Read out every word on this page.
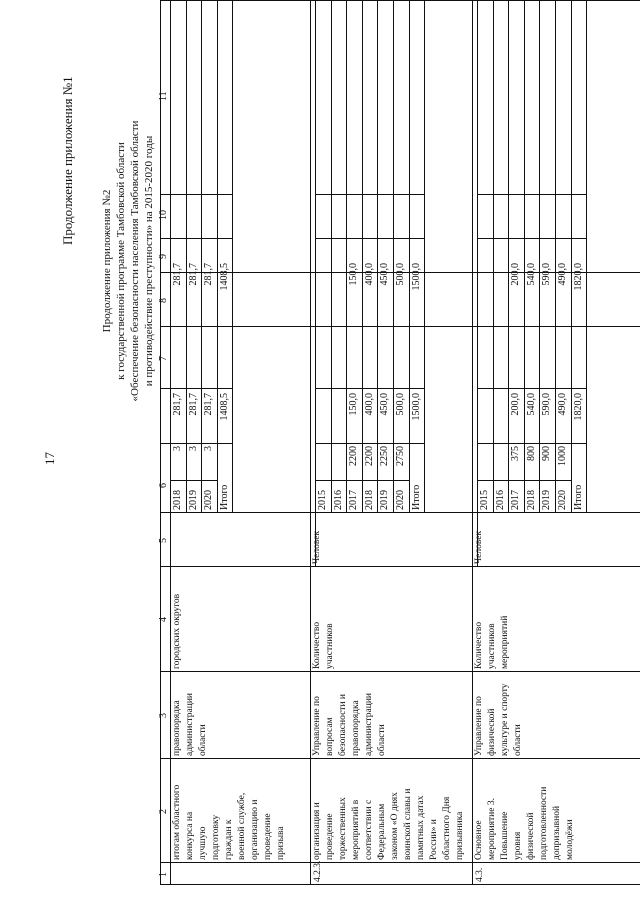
17
Продолжение приложения №1
Продолжение приложения №2 к государственной программе Тамбовской области «Обеспечение безопасности населения Тамбовской области и противодействие преступности» на 2015-2020 годы
1
2
3
4
5
6
7
8
9
10
11
итогам областного конкурса на лучшую подготовку граждан к военной службе, организацию и проведение призыва
правопорядка администрации области
городских округов
2018
3
281,7
281,7
2019
3
281,7
281,7
2020
3
281,7
281,7
Итого
1408,5
1408,5
4.2.3.
организация и проведение торжественных мероприятий в соответствии с Федеральным законом «О днях воинской славы и памятных датах России» и областного Дня призывника
Управление по вопросам безопасности и правопорядка администрации области
Количество участников
Человек
2015 2016 2017
2200
150,0
150,0
2018
2200
400,0
400,0
2019
2250
450,0
450,0
2020
2750
500,0
500,0
Итого
1500,0
1500,0
4.3.
Основное мероприятие 3. Повышение уровня физической подготовленности допризывной молодёжи
Управление по физической культуре и спорту области
Количество участников мероприятий
Человек
2015 2016 2017
375
200,0
200,0
2018
800
540,0
540,0
2019
900
590,0
590,0
2020
1000
490,0
490,0
Итого
1820,0
1820,0
